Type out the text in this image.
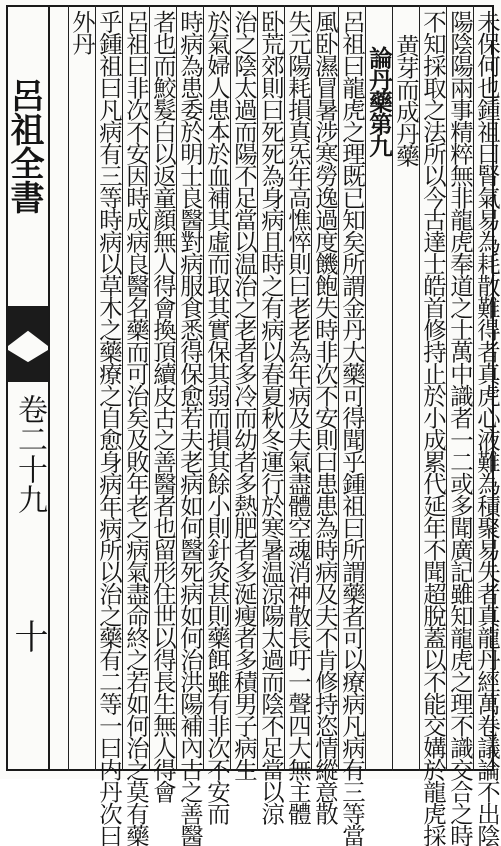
呂祖全書
卷二十九
十	未保何也鍾祖曰腎氣易為耗散難得者真虎心液難為積聚易失者真龍丹經萬卷議論不出陰
陽陰陽兩事精粹無非龍虎奉道之士萬中識者一二或多聞廣記雖知龍虎之理不識交合之時
不知採取之法所以今古達士皓首修持止於小成累代延年不聞超脫蓋以不能交媾於龍虎採
黄芽而成丹藥
論丹藥第九
呂祖曰龍虎之理既已知矣所謂金丹大藥可得聞乎鍾祖曰所謂藥者可以療病凡病有三等當
風卧濕冒暑涉寒勞逸過度饑飽失時非次不安則曰患患為時病及夫不肯修持恣情縱意散
失元陽耗損真炁年高憔悴則曰老老為年病及夫氣盡體空魂消神散長吁一聲四大無主體
卧荒郊則曰死死為身病且時之有病以春夏秋冬運行於寒暑温涼陽太過而陰不足當以涼
治之陰太過而陽不足當以温治之老者多冷而幼者多熱肥者多涎瘦者多積男子病生
於氣婦人患本於血補其虛而取其實保其弱而損其餘小則針灸甚則藥餌雖有非次不安而
時病為患委於明士良醫對病服食悉得保愈若夫老病如何醫死病如何治洪陽補內古之善醫
者也而鮫髮白以返童顔無人得會換頂續皮古之善醫者也留形住世以得長生無人得會
呂祖曰非次不安因時成病良醫名藥而可治矣及敗年老之病氣盡命終之若如何治之莫有藥
乎鍾祖曰凡病有三等時病以草木之藥療之自愈身病年病所以治之藥有二等一曰内丹次曰
外丹
